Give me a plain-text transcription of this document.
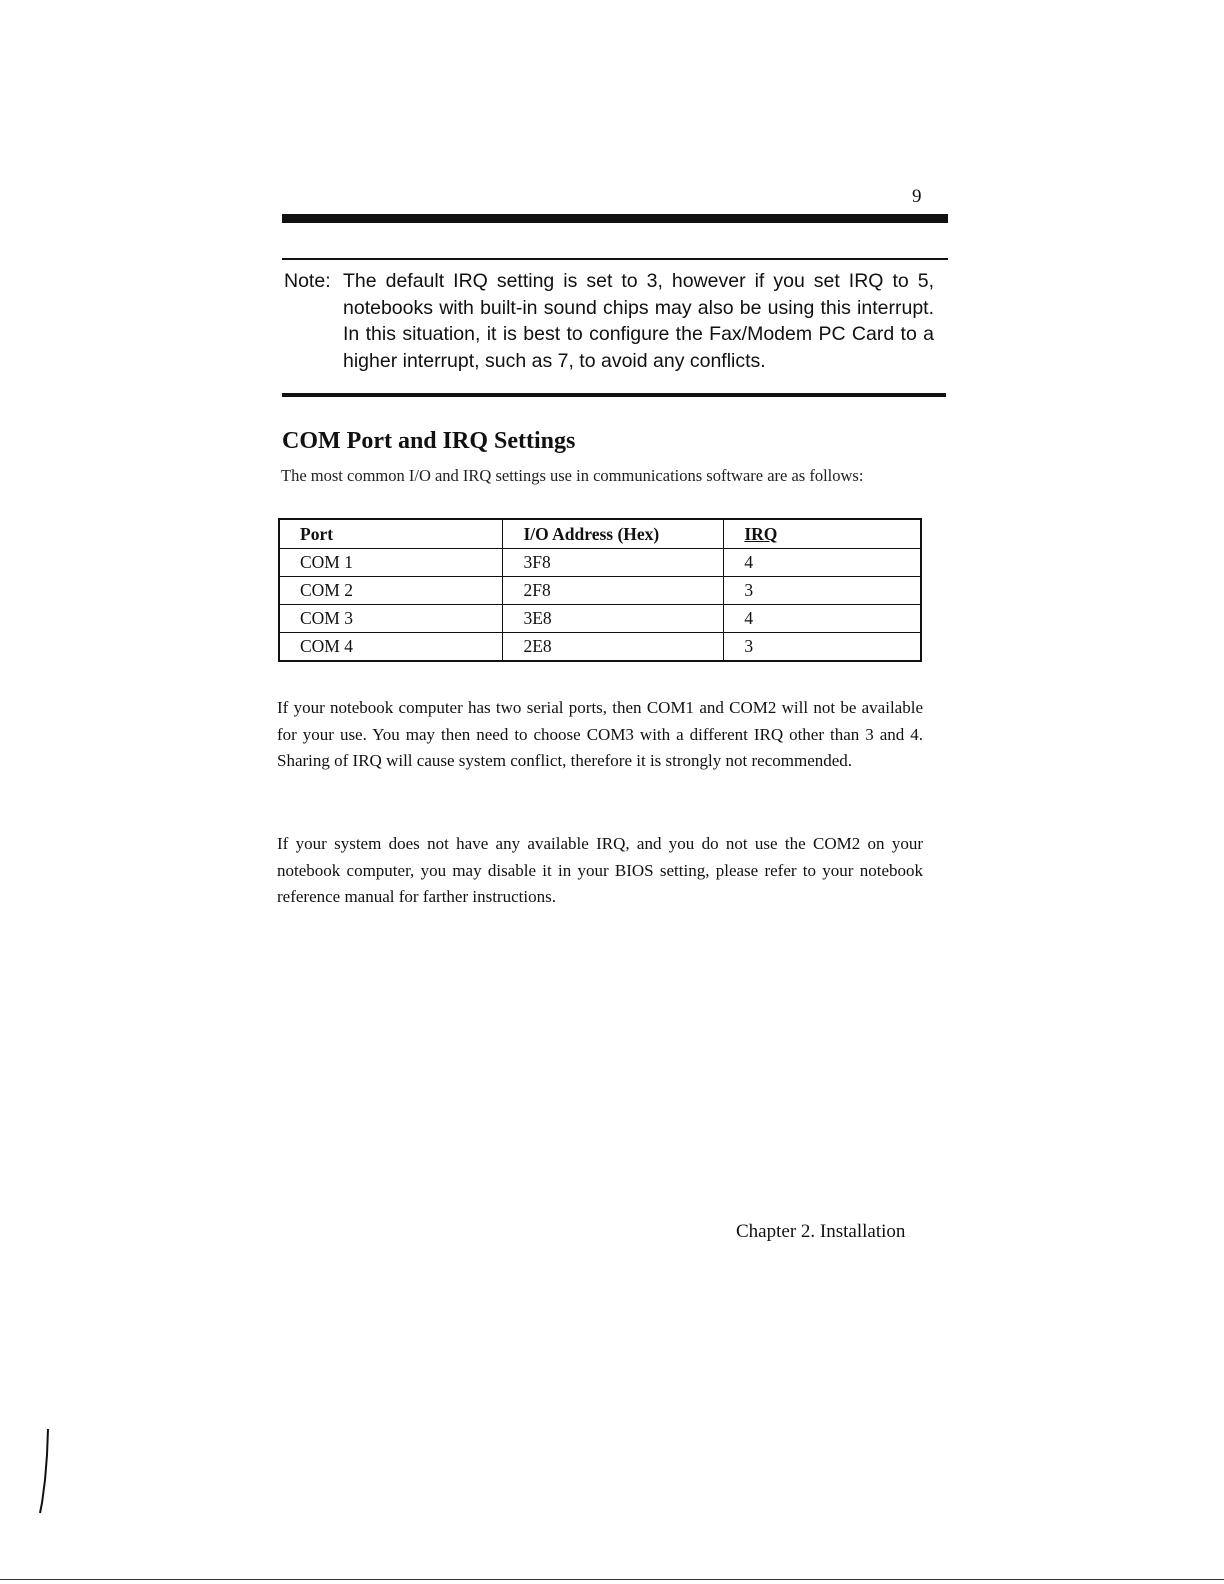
9
Note: The default IRQ setting is set to 3, however if you set IRQ to 5, notebooks with built-in sound chips may also be using this interrupt. In this situation, it is best to configure the Fax/Modem PC Card to a higher interrupt, such as 7, to avoid any conflicts.
COM Port and IRQ Settings
The most common I/O and IRQ settings use in communications software are as follows:
Port	I/O Address (Hex)	IRQ
COM 1	3F8	4
COM 2	2F8	3
COM 3	3E8	4
COM 4	2E8	3

If your notebook computer has two serial ports, then COM1 and COM2 will not be available for your use. You may then need to choose COM3 with a different IRQ other than 3 and 4. Sharing of IRQ will cause system conflict, therefore it is strongly not recommended.

If your system does not have any available IRQ, and you do not use the COM2 on your notebook computer, you may disable it in your BIOS setting, please refer to your notebook reference manual for farther instructions.

Chapter 2. Installation
